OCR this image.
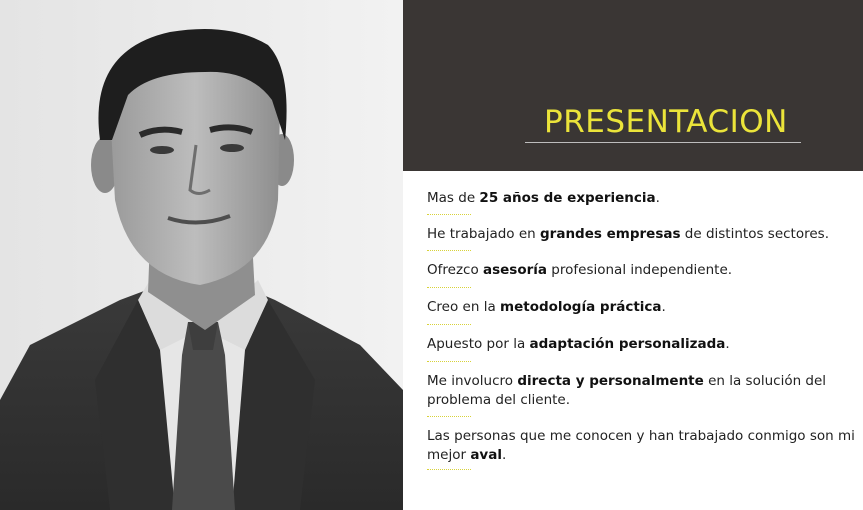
PRESENTACION
Mas de 25 años de experiencia.
He trabajado en grandes empresas de distintos sectores.
Ofrezco asesoría profesional independiente.
Creo en la metodología práctica.
Apuesto por la adaptación personalizada.
Me involucro directa y personalmente en la solución del problema del cliente.
Las personas que me conocen y han trabajado conmigo son mi mejor aval.
